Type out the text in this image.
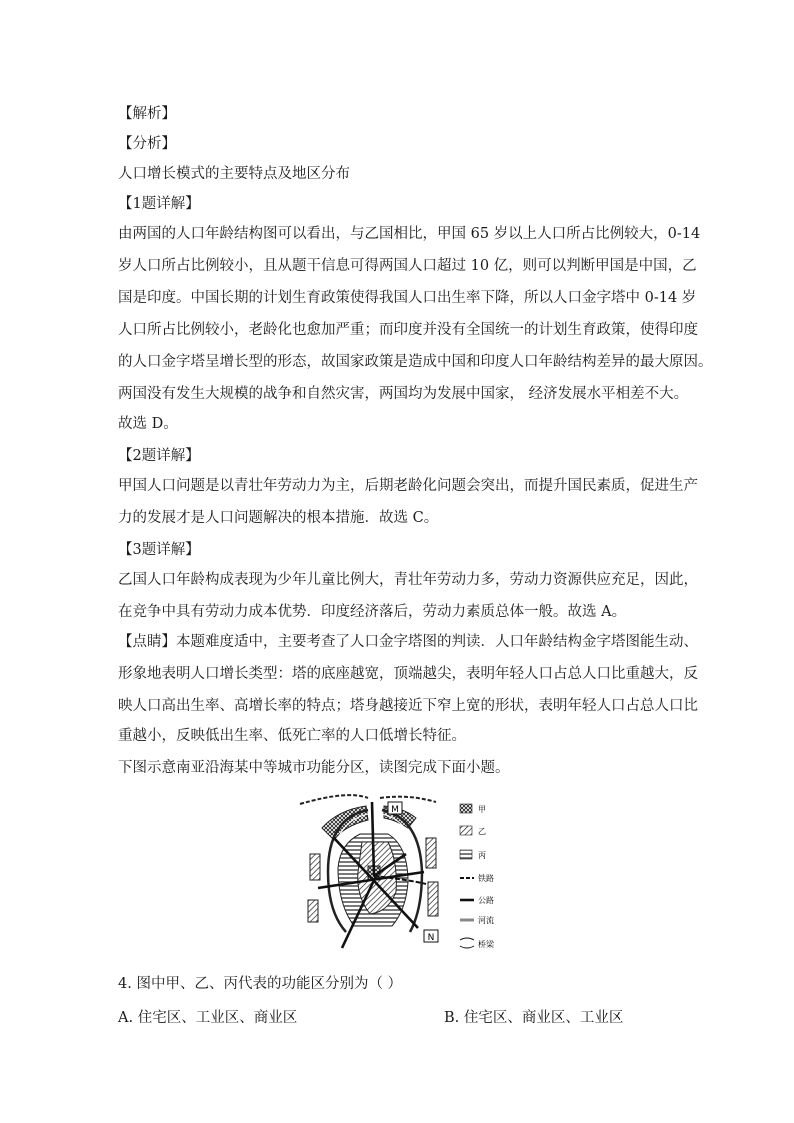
【解析】
【分析】
人口增长模式的主要特点及地区分布
【1题详解】
由两国的人口年龄结构图可以看出，与乙国相比，甲国 65 岁以上人口所占比例较大，0-14
岁人口所占比例较小，且从题干信息可得两国人口超过 10 亿，则可以判断甲国是中国，乙
国是印度。中国长期的计划生育政策使得我国人口出生率下降，所以人口金字塔中 0-14 岁
人口所占比例较小，老龄化也愈加严重；而印度并没有全国统一的计划生育政策，使得印度
的人口金字塔呈增长型的形态，故国家政策是造成中国和印度人口年龄结构差异的最大原因。
两国没有发生大规模的战争和自然灾害，两国均为发展中国家， 经济发展水平相差不大。
故选 D。
【2题详解】
甲国人口问题是以青壮年劳动力为主，后期老龄化问题会突出，而提升国民素质，促进生产
力的发展才是人口问题解决的根本措施．故选 C。
【3题详解】
乙国人口年龄构成表现为少年儿童比例大，青壮年劳动力多，劳动力资源供应充足，因此，
在竞争中具有劳动力成本优势．印度经济落后，劳动力素质总体一般。故选 A。
【点睛】本题难度适中，主要考查了人口金字塔图的判读．人口年龄结构金字塔图能生动、
形象地表明人口增长类型：塔的底座越宽，顶端越尖，表明年轻人口占总人口比重越大，反
映人口高出生率、高增长率的特点；塔身越接近下窄上宽的形状，表明年轻人口占总人口比
重越小，反映低出生率、低死亡率的人口低增长特征。
下图示意南亚沿海某中等城市功能分区，读图完成下面小题。
M
N
甲
乙
丙
铁路
公路
河流
桥梁
4. 图中甲、乙、丙代表的功能区分别为（ ）
A. 住宅区、工业区、商业区	B. 住宅区、商业区、工业区
